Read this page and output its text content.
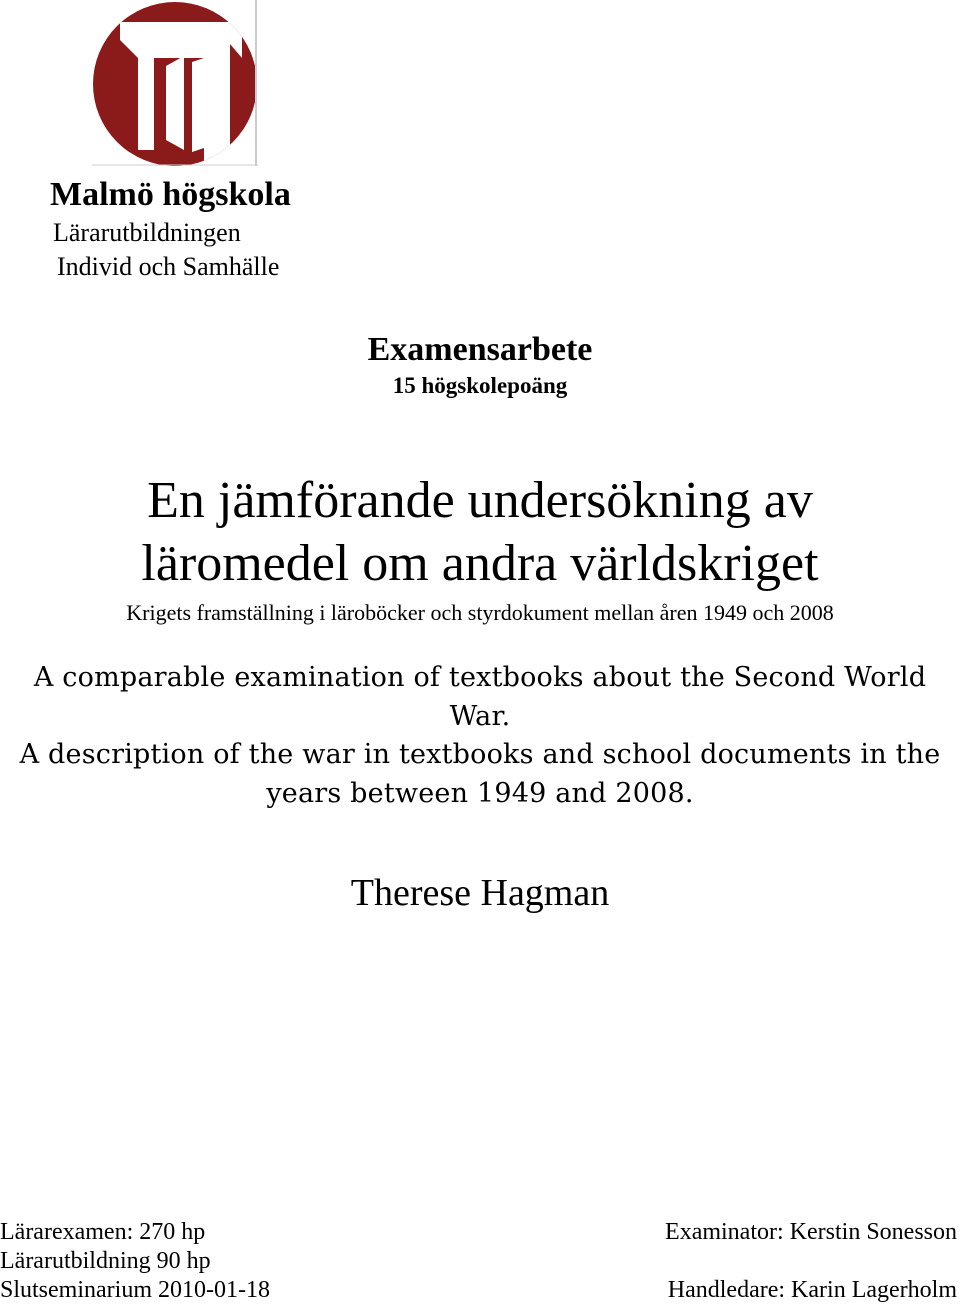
Malmö högskola
Lärarutbildningen
Individ och Samhälle
Examensarbete
15 högskolepoäng
En jämförande undersökning av
läromedel om andra världskriget
Krigets framställning i läroböcker och styrdokument mellan åren 1949 och 2008
A comparable examination of textbooks about the Second World
War.
A description of the war in textbooks and school documents in the
years between 1949 and 2008.
Therese Hagman
Lärarexamen: 270 hp
Lärarutbildning 90 hp
Slutseminarium 2010-01-18
Examinator: Kerstin Sonesson
Handledare: Karin Lagerholm
